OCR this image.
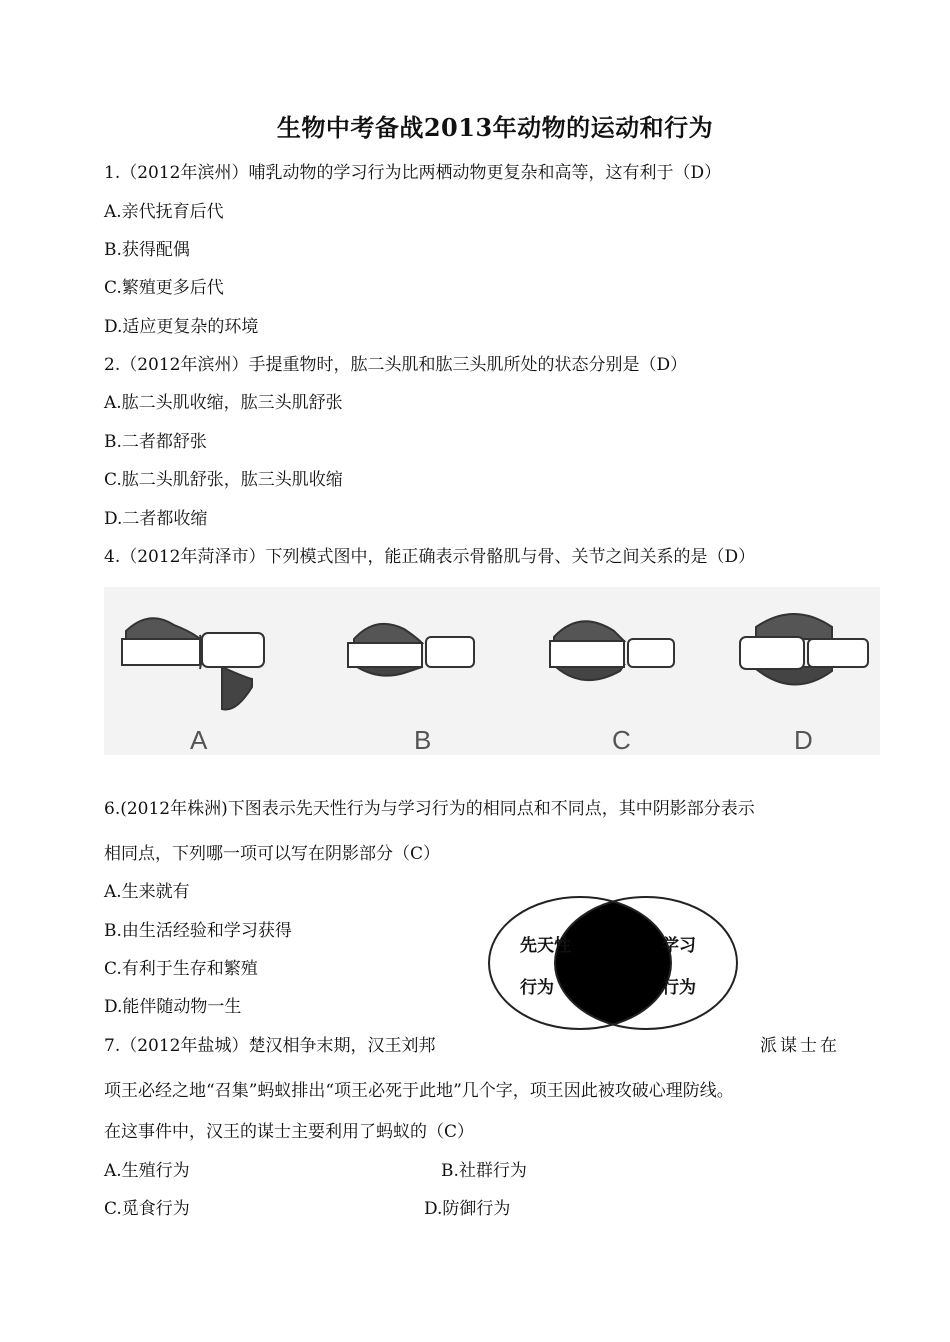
生物中考备战2013年动物的运动和行为
1.（2012年滨州）哺乳动物的学习行为比两栖动物更复杂和高等，这有利于（D）
A.亲代抚育后代
B.获得配偶
C.繁殖更多后代
D.适应更复杂的环境
2.（2012年滨州）手提重物时，肱二头肌和肱三头肌所处的状态分别是（D）
A.肱二头肌收缩，肱三头肌舒张
B.二者都舒张
C.肱二头肌舒张，肱三头肌收缩
D.二者都收缩
4.（2012年菏泽市）下列模式图中，能正确表示骨骼肌与骨、关节之间关系的是（D）
A	B	C	D
6.(2012年株洲)下图表示先天性行为与学习行为的相同点和不同点，其中阴影部分表示
相同点，下列哪一项可以写在阴影部分（C）
A.生来就有
B.由生活经验和学习获得
C.有利于生存和繁殖
D.能伴随动物一生
先天性
行为
学习
行为
7.（2012年盐城）楚汉相争末期，汉王刘邦	派谋士在
项王必经之地“召集”蚂蚁排出“项王必死于此地”几个字，项王因此被攻破心理防线。
在这事件中，汉王的谋士主要利用了蚂蚁的（C）
A.生殖行为	B.社群行为
C.觅食行为	D.防御行为
